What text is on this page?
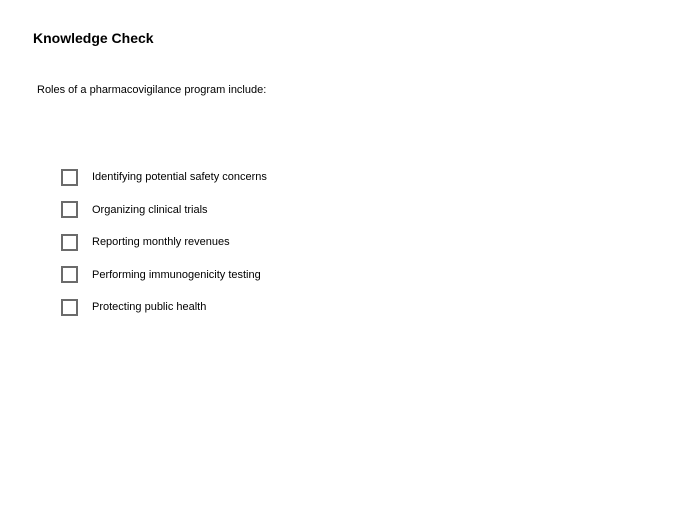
Knowledge Check

Roles of a pharmacovigilance program include:

Identifying potential safety concerns
Organizing clinical trials
Reporting monthly revenues
Performing immunogenicity testing
Protecting public health
